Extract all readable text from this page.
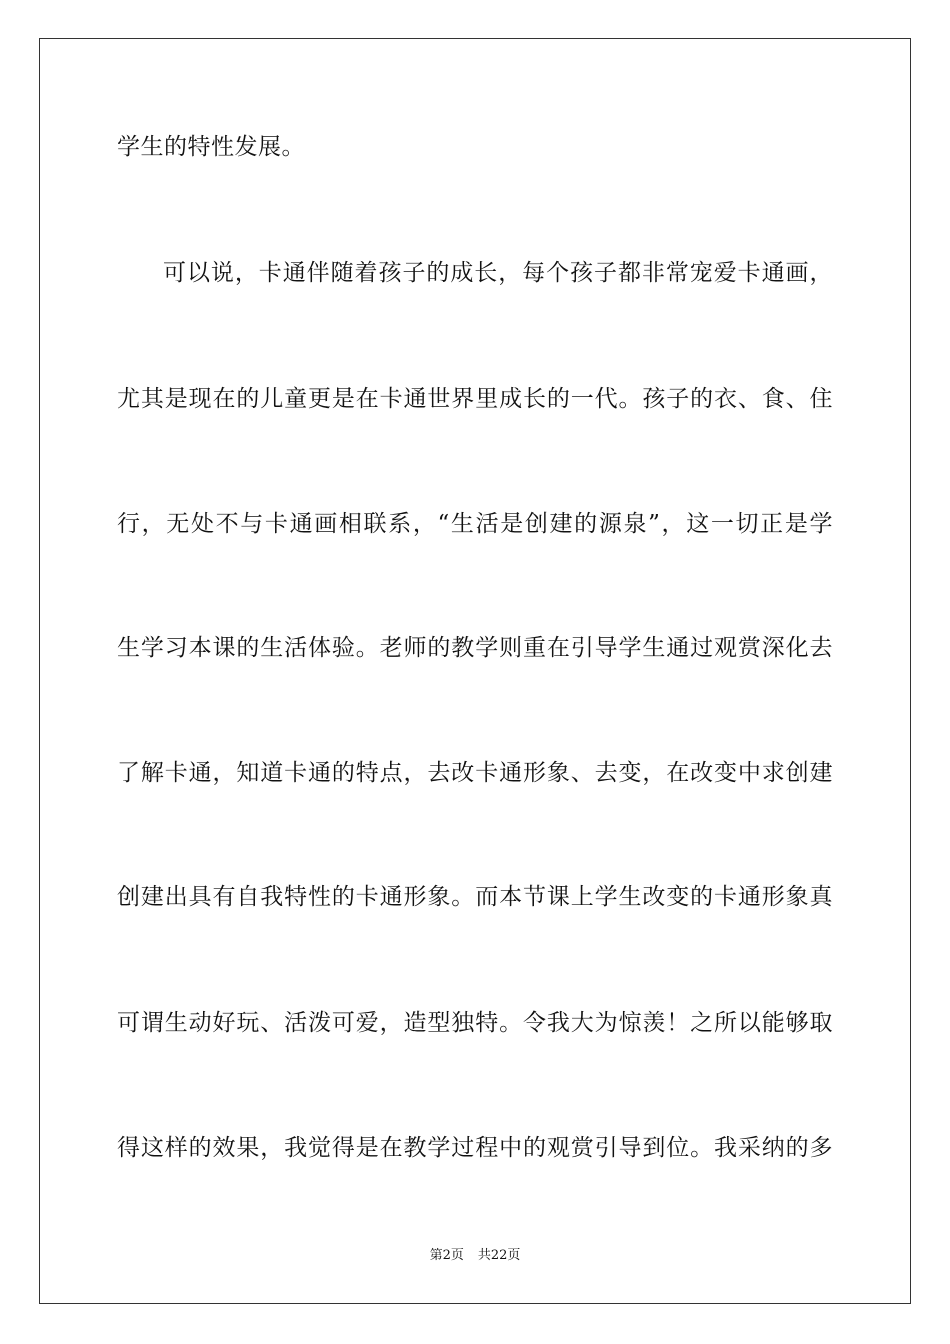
学生的特性发展。
可以说，卡通伴随着孩子的成长，每个孩子都非常宠爱卡通画，
尤其是现在的儿童更是在卡通世界里成长的一代。孩子的衣、食、住
行，无处不与卡通画相联系，“生活是创建的源泉”，这一切正是学
生学习本课的生活体验。老师的教学则重在引导学生通过观赏深化去
了解卡通，知道卡通的特点，去改卡通形象、去变，在改变中求创建
创建出具有自我特性的卡通形象。而本节课上学生改变的卡通形象真
可谓生动好玩、活泼可爱，造型独特。令我大为惊羡！之所以能够取
得这样的效果，我觉得是在教学过程中的观赏引导到位。我采纳的多
第2页 共22页
